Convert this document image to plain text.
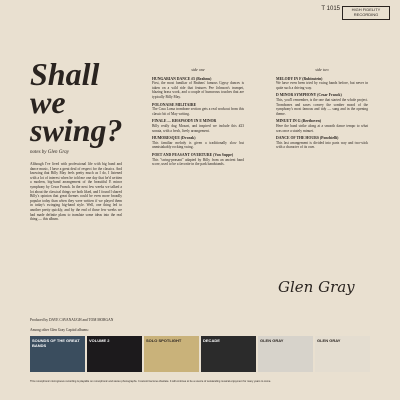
T 1015	HIGH FIDELITY RECORDING
Shall
we
swing?
notes by Glen Gray
Although I've lived with professional life with big band and dance music, I have a great deal of respect for the classics. And knowing that Billy May feels pretty much as I do, I listened with a lot of interest when he told me one day that he'd written a modern, big-band arrangement of the beautiful E minor symphony by Cesar Franck. In the next few weeks we talked a lot about the classical things we both liked, and I found I shared Billy's opinion that great themes could be even more broadly popular today than when they were written if we played them in today's swinging big-band style. Well, one thing led to another pretty quickly, and by the end of those few weeks we had made definite plans to translate some ideas into the real thing — this album.
side one
HUNGARIAN DANCE #5 (Brahms)
First, the most familiar of Brahms' famous Gypsy dances is taken on a wild ride that features Pee Johnson's trumpet, blazing brass work, and a couple of humorous touches that are typically Billy May.
POLONAISE MILITAIRE
The Casa Loma trombone section gets a real workout from this classic bit of May writing.
FINALE — RHAPSODY IN E MINOR
Billy really dug Mozart, and inspired we include this #23 sonata, with a fresh, lively arrangement.
HUMORESQUE (Dvorak)
This familiar melody is given a traditionally slow but unmistakably rocking swing.
POET AND PEASANT OVERTURE (Von Suppe)
This "swing-peasant" adapted by Billy from an ancient band score, used to be a favorite in the park bandstands.
side two
MELODY IN F (Rubinstein)
We have even been tried by swing bands before, but never in quite such a driving way.
D MINOR SYMPHONY (Cesar Franck)
This, you'll remember, is the one that started the whole project. Trombones and saxes convey the somber mood of the symphony's most famous and tidy — sung and in the opening theme.
MINUET IN G (Beethoven)
Here the band strike along at a smooth dance tempo to what was once a stately minuet.
DANCE OF THE HOURS (Ponchielli)
This last arrangement is divided into parts way and two-stick with a character of its own.
Glen Gray
Produced by DAVE CAVANAUGH and TOM MORGAN
Among other Glen Gray Capitol albums:
SOUNDS OF THE GREAT BANDS
VOLUME 2	SOLO SPOTLIGHT	DECADE	GLEN GRAY	GLEN GRAY
This monophonic microgroove recording is playable on monophonic and stereo phonographs. It cannot become obsolete. It will continue to be a source of outstanding musical enjoyment for many years to come.
